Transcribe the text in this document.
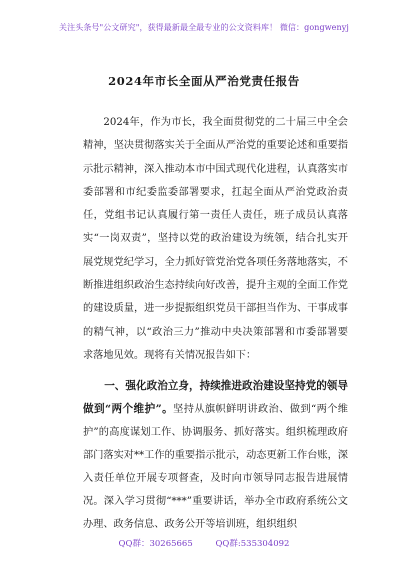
关注头条号"公文研究"，获得最新最全最专业的公文资料库！ 微信：gongwenyj
2024年市长全面从严治党责任报告

2024年，作为市长，我全面贯彻党的二十届三中全会精神，坚决贯彻落实关于全面从严治党的重要论述和重要指示批示精神，深入推动本市中国式现代化进程，认真落实市委部署和市纪委监委部署要求，扛起全面从严治党政治责任，党组书记认真履行第一责任人责任，班子成员认真落实“一岗双责”，坚持以党的政治建设为统领，结合扎实开展党规党纪学习，全力抓好管党治党各项任务落地落实，不断推进组织政治生态持续向好改善，提升主观的全面工作党的建设质量，进一步提振组织党员干部担当作为、干事成事的精气神，以“政治三力”推动中央决策部署和市委部署要求落地见效。现将有关情况报告如下：

一、强化政治立身，持续推进政治建设坚持党的领导做到“两个维护”。坚持从旗帜鲜明讲政治、做到“两个维护”的高度谋划工作、协调服务、抓好落实。组织梳理政府部门落实对**工作的重要指示批示，动态更新工作台账，深入责任单位开展专项督查，及时向市领导同志报告进展情况。深入学习贯彻“***”重要讲话，举办全市政府系统公文办理、政务信息、政务公开等培训班，组织组织

QQ群：30265665	QQ群:535304092
